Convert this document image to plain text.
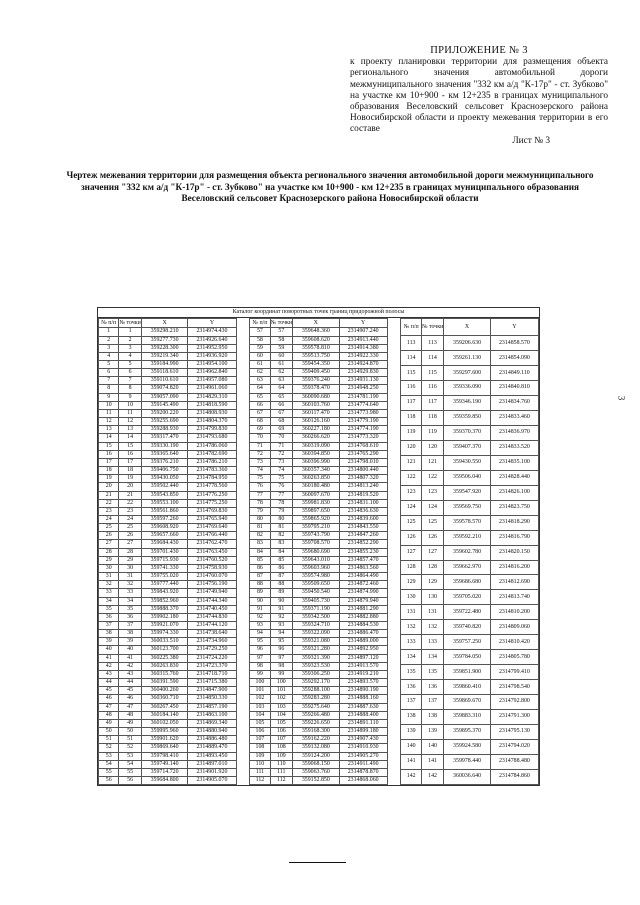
ПРИЛОЖЕНИЕ № 3
к проекту планировки территории для размещения объекта регионального значения автомобильной дороги межмуниципального значения "332 км а/д "К-17р" - ст. Зубково" на участке км 10+900 - км 12+235 в границах муниципального образования Веселовский сельсовет Краснозерского района Новосибирской области и проекту межевания территории в его составе
Лист № 3
Чертеж межевания территории для размещения объекта регионального значения автомобильной дороги межмуниципального значения "332 км а/д "К-17р" - ст. Зубково" на участке км 10+900 - км 12+235 в границах муниципального образования Веселовский сельсовет Краснозерского района Новосибирской области
Каталог координат поворотных точек границ придорожной полосы
№ п/п	№ точки	X	Y
1	1	359298.210	2314974.430
2	2	359277.730	2314926.640
3	3	359228.300	2314952.950
4	4	359219.340	2314936.920
5	5	359184.990	2314954.100
6	6	359118.610	2314962.840
7	7	359110.610	2314957.080
8	8	359074.820	2314961.060
9	9	359057.090	2314829.310
10	10	359145.490	2314818.590
11	11	359200.220	2314808.930
12	12	359255.690	2314804.370
13	13	359288.930	2314799.830
14	14	359317.470	2314793.680
15	15	359330.190	2314786.060
16	16	359365.640	2314782.690
17	17	359376.210	2314786.210
18	18	359406.750	2314783.360
19	19	359430.050	2314784.950
20	20	359502.440	2314778.560
21	21	359543.850	2314776.250
22	22	359553.100	2314775.250
23	23	359561.860	2314769.830
24	24	359597.260	2314765.940
25	25	359608.920	2314769.640
26	26	359657.660	2314766.440
27	27	359684.430	2314762.470
28	28	359701.430	2314763.450
29	29	359715.930	2314760.520
30	30	359741.330	2314758.930
31	31	359755.020	2314760.070
32	32	359777.440	2314756.190
33	33	359843.920	2314749.940
34	34	359852.960	2314744.340
35	35	359888.370	2314740.450
36	36	359902.180	2314744.830
37	37	359921.070	2314744.120
38	38	359974.330	2314738.640
39	39	360033.510	2314734.960
40	40	360123.700	2314729.250
41	41	360225.380	2314724.220
42	42	360263.830	2314723.370
43	43	360315.760	2314718.710
44	44	360391.590	2314715.380
45	45	360400.260	2314847.900
46	46	360360.710	2314850.330
47	47	360267.450	2314857.190
48	48	360184.140	2314863.100
49	49	360102.050	2314869.340
50	50	359995.960	2314880.940
51	51	359901.620	2314886.480
52	52	359869.640	2314889.470
53	53	359798.410	2314893.450
54	54	359749.140	2314897.010
55	55	359714.720	2314901.920
56	56	359684.800	2314905.070
№ п/п	№ точки	X	Y
57	57	359648.360	2314907.240
58	58	359608.620	2314913.440
59	59	359578.810	2314914.380
60	60	359513.750	2314922.330
61	61	359454.350	2314924.870
62	62	359409.450	2314929.830
63	63	359376.240	2314931.130
64	64	359378.470	2314948.250
65	65	360090.680	2314781.190
66	66	360103.760	2314774.640
67	67	360117.470	2314773.980
68	68	360126.160	2314779.190
69	69	360227.180	2314774.190
70	70	360266.620	2314773.320
71	71	360319.090	2314768.610
72	72	360394.850	2314765.290
73	73	360396.990	2314798.010
74	74	360357.340	2314800.440
75	75	360263.850	2314807.320
76	76	360180.480	2314813.240
77	77	360097.670	2314819.520
78	78	359981.830	2314831.100
79	79	359897.650	2314836.630
80	80	359865.920	2314839.600
81	81	359795.210	2314843.550
82	82	359743.790	2314847.260
83	83	359708.570	2314852.290
84	84	359680.690	2314855.230
85	85	359643.010	2314857.470
86	86	359603.960	2314863.560
87	87	359574.980	2314864.490
88	88	359509.650	2314872.460
89	89	359450.540	2314874.990
90	90	359405.730	2314879.940
91	91	359371.190	2314881.290
92	92	359342.500	2314882.880
93	93	359324.710	2314884.530
94	94	359322.090	2314886.470
95	95	359321.080	2314889.000
96	96	359321.280	2314892.950
97	97	359321.390	2314897.120
98	98	359323.530	2314913.570
99	99	359306.250	2314919.210
100	100	359292.170	2314893.570
101	101	359288.100	2314890.190
102	102	359283.280	2314888.160
103	103	359275.640	2314887.630
104	104	359266.480	2314888.400
105	105	359226.650	2314891.110
106	106	359168.300	2314899.180
107	107	359162.220	2314907.430
108	108	359132.080	2314910.930
109	109	359124.200	2314905.270
110	110	359068.150	2314911.490
111	111	359063.760	2314878.870
112	112	359152.850	2314868.060
№ п/п	№ точки	X	Y
113	113	359206.630	2314858.570
114	114	359261.130	2314854.090
115	115	359297.600	2314849.110
116	116	359336.090	2314840.810
117	117	359346.190	2314834.760
118	118	359359.850	2314833.460
119	119	359370.370	2314836.970
120	120	359407.370	2314833.520
121	121	359430.550	2314835.100
122	122	359506.040	2314828.440
123	123	359547.920	2314826.100
124	124	359569.750	2314823.750
125	125	359578.570	2314818.290
126	126	359592.210	2314816.790
127	127	359602.780	2314820.150
128	128	359662.970	2314816.200
129	129	359686.680	2314812.690
130	130	359705.020	2314813.740
131	131	359722.480	2314810.200
132	132	359740.820	2314809.060
133	133	359757.250	2314810.420
134	134	359784.050	2314805.780
135	135	359851.900	2314799.410
136	136	359860.410	2314798.540
137	137	359869.670	2314792.800
138	138	359883.310	2314791.300
139	139	359895.370	2314795.130
140	140	359924.580	2314794.020
141	141	359978.440	2314788.480
142	142	360036.640	2314784.860
3
